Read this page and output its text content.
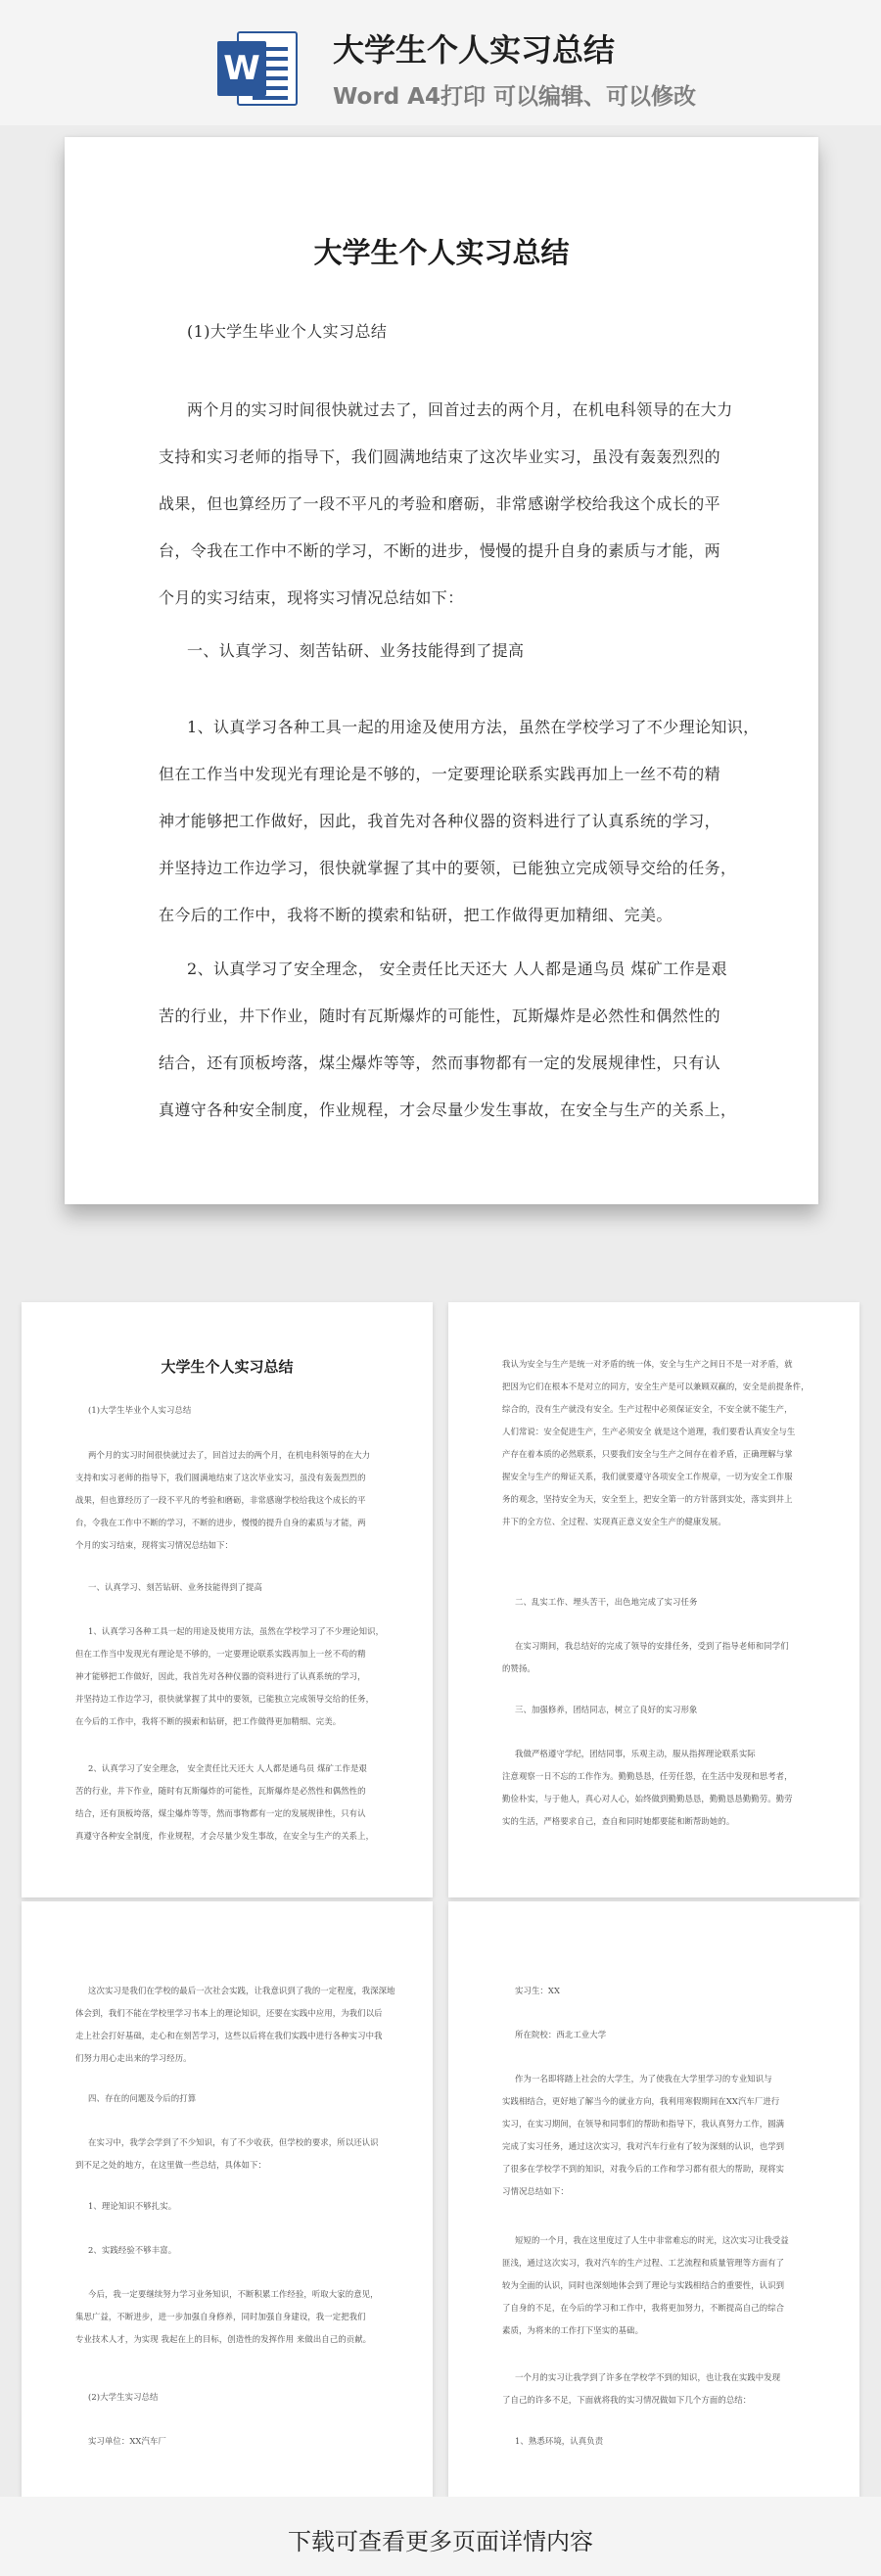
W 大学生个人实习总结
Word A4打印 可以编辑、可以修改
大学生个人实习总结
(1)大学生毕业个人实习总结
两个月的实习时间很快就过去了，回首过去的两个月，在机电科领导的在大力
支持和实习老师的指导下，我们圆满地结束了这次毕业实习，虽没有轰轰烈烈的
战果，但也算经历了一段不平凡的考验和磨砺，非常感谢学校给我这个成长的平
台，令我在工作中不断的学习，不断的进步，慢慢的提升自身的素质与才能，两
个月的实习结束，现将实习情况总结如下：
一、认真学习、刻苦钻研、业务技能得到了提高
1、认真学习各种工具一起的用途及使用方法，虽然在学校学习了不少理论知识，
但在工作当中发现光有理论是不够的，一定要理论联系实践再加上一丝不苟的精
神才能够把工作做好，因此，我首先对各种仪器的资料进行了认真系统的学习，
并坚持边工作边学习，很快就掌握了其中的要领，已能独立完成领导交给的任务，
在今后的工作中，我将不断的摸索和钻研，把工作做得更加精细、完美。
2、认真学习了安全理念， 安全责任比天还大 人人都是通鸟员 煤矿工作是艰
苦的行业，井下作业，随时有瓦斯爆炸的可能性，瓦斯爆炸是必然性和偶然性的
结合，还有顶板垮落，煤尘爆炸等等，然而事物都有一定的发展规律性，只有认
真遵守各种安全制度，作业规程，才会尽量少发生事故，在安全与生产的关系上，
大学生个人实习总结
(1)大学生毕业个人实习总结
两个月的实习时间很快就过去了，回首过去的两个月，在机电科领导的在大力
支持和实习老师的指导下，我们圆满地结束了这次毕业实习，虽没有轰轰烈烈的
战果，但也算经历了一段不平凡的考验和磨砺，非常感谢学校给我这个成长的平
台，令我在工作中不断的学习，不断的进步，慢慢的提升自身的素质与才能，两
个月的实习结束，现将实习情况总结如下：
一、认真学习、刻苦钻研、业务技能得到了提高
1、认真学习各种工具一起的用途及使用方法，虽然在学校学习了不少理论知识，
但在工作当中发现光有理论是不够的，一定要理论联系实践再加上一丝不苟的精
神才能够把工作做好，因此，我首先对各种仪器的资料进行了认真系统的学习，
并坚持边工作边学习，很快就掌握了其中的要领，已能独立完成领导交给的任务，
在今后的工作中，我将不断的摸索和钻研，把工作做得更加精细、完美。
2、认真学习了安全理念， 安全责任比天还大 人人都是通鸟员 煤矿工作是艰
苦的行业，井下作业，随时有瓦斯爆炸的可能性，瓦斯爆炸是必然性和偶然性的
结合，还有顶板垮落，煤尘爆炸等等，然而事物都有一定的发展规律性，只有认
真遵守各种安全制度，作业规程，才会尽量少发生事故，在安全与生产的关系上，
我认为安全与生产是统一对矛盾的统一体，安全与生产之间日不是一对矛盾，就
把因为它们在根本不是对立的同方，安全生产是可以兼顾双赢的，安全是前提条件，
综合的，没有生产就没有安全。生产过程中必须保证安全，不安全就不能生产，
人们常说：安全促进生产，生产必须安全 就是这个道理，我们要看认真安全与生
产存在着本质的必然联系，只要我们安全与生产之间存在着矛盾，正确理解与掌
握安全与生产的辩证关系，我们就要遵守各项安全工作规章，一切为安全工作服
务的观念，坚持安全为天，安全至上，把安全第一的方针落到实处，落实到井上
井下的全方位、全过程、实现真正意义安全生产的健康发展。
二、乱实工作、埋头苦干，出色地完成了实习任务
在实习期间，我总结好的完成了领导的安排任务，受到了指导老师和同学们
的赞扬。
三、加强修养，团结同志，树立了良好的实习形象
我做严格遵守学纪，团结同事，乐观主动，服从指挥理论联系实际
注意观察一日不忘的工作作为。勤勤恳恳，任劳任怨，在生活中发现和思考者，
勤俭朴实，与于他人，真心对人心，始终做到勤勤恳恳，勤勤恳恳勤勤劳。勤劳
实的生活，严格要求自己，查自和同时她都要能和断帮助她的。
这次实习是我们在学校的最后一次社会实践，让我意识到了我的一定程度，我深深地
体会到，我们不能在学校里学习书本上的理论知识，还要在实践中应用，为我们以后
走上社会打好基础，走心和在刻苦学习，这些以后将在我们实践中进行各种实习中我
们努力用心走出来的学习经历。
四、存在的问题及今后的打算
在实习中，我学会学到了不少知识，有了不少收获，但学校的要求，所以还认识
到不足之处的地方，在这里做一些总结，具体如下：
1、理论知识不够扎实。
2、实践经验不够丰富。
今后，我一定要继续努力学习业务知识，不断积累工作经验，听取大家的意见，
集思广益，不断进步，进一步加强自身修养，同时加强自身建设，我一定把我们
专业技术人才，为实现 我起在上的目标，创造性的发挥作用 来做出自己的贡献。
(2)大学生实习总结
实习单位：XX汽车厂
实习生：XX
所在院校：西北工业大学
作为一名即将踏上社会的大学生，为了使我在大学里学习的专业知识与
实践相结合，更好地了解当今的就业方向，我利用寒假期间在XX汽车厂进行
实习，在实习期间，在领导和同事们的帮助和指导下，我认真努力工作，圆满
完成了实习任务，通过这次实习，我对汽车行业有了较为深刻的认识，也学到
了很多在学校学不到的知识，对我今后的工作和学习都有很大的帮助，现将实
习情况总结如下：
短短的一个月，我在这里度过了人生中非常难忘的时光，这次实习让我受益
匪浅，通过这次实习，我对汽车的生产过程、工艺流程和质量管理等方面有了
较为全面的认识，同时也深刻地体会到了理论与实践相结合的重要性，认识到
了自身的不足，在今后的学习和工作中，我将更加努力，不断提高自己的综合
素质，为将来的工作打下坚实的基础。
一个月的实习让我学到了许多在学校学不到的知识，也让我在实践中发现
了自己的许多不足，下面就将我的实习情况做如下几个方面的总结：
1、熟悉环境，认真负责
下载可查看更多页面详情内容
